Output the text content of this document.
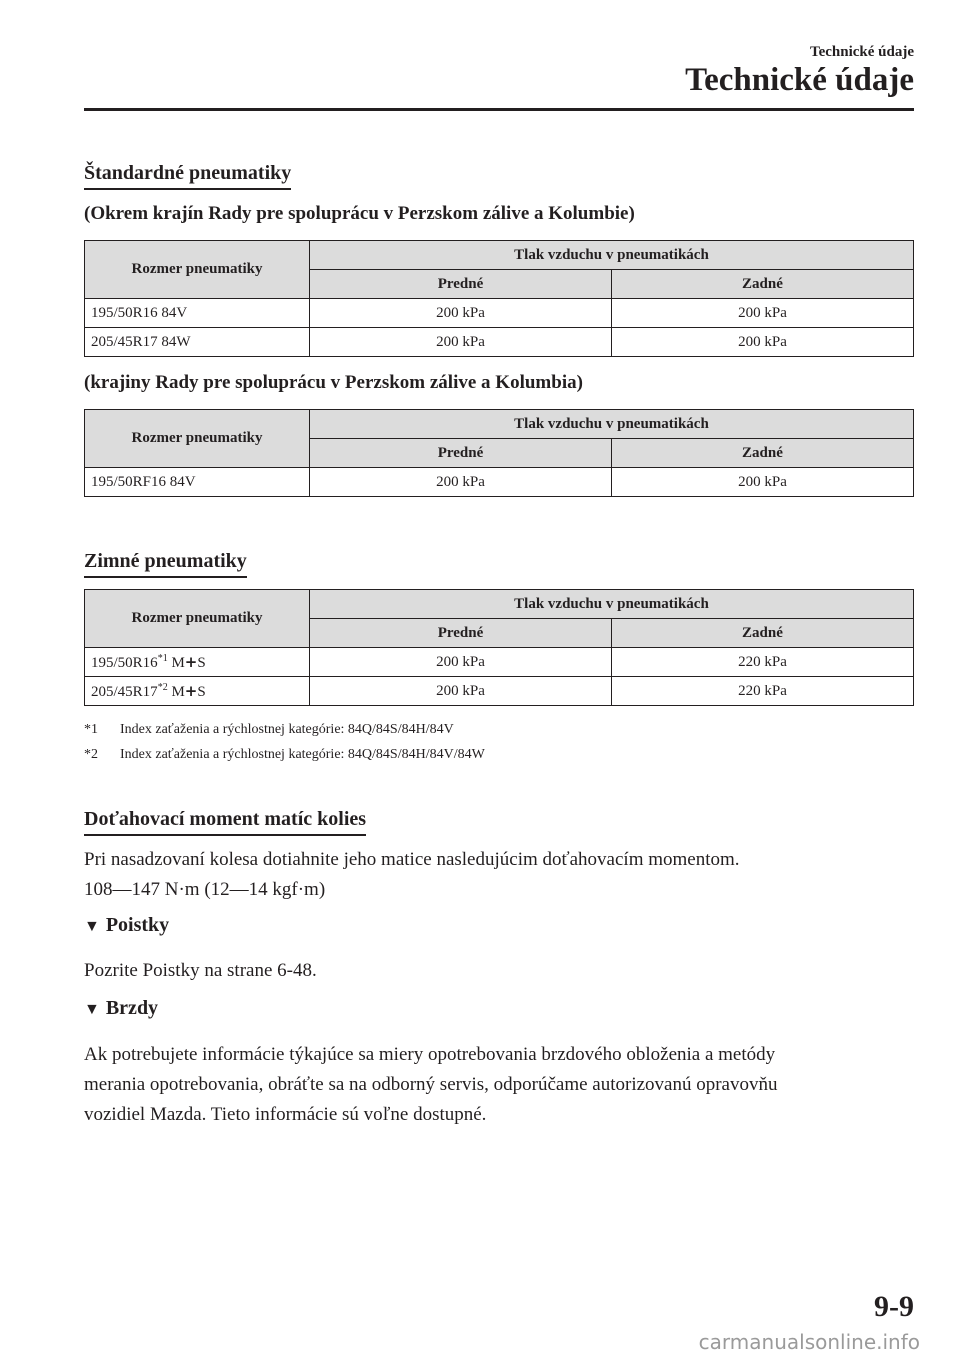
Technické údaje
Technické údaje
Štandardné pneumatiky
(Okrem krajín Rady pre spoluprácu v Perzskom zálive a Kolumbie)
Rozmer pneumatiky	Tlak vzduchu v pneumatikách	
	Predné	Zadné
195/50R16 84V	200 kPa	200 kPa
205/45R17 84W	200 kPa	200 kPa
(krajiny Rady pre spoluprácu v Perzskom zálive a Kolumbia)
Rozmer pneumatiky	Tlak vzduchu v pneumatikách	
	Predné	Zadné
195/50RF16 84V	200 kPa	200 kPa
Zimné pneumatiky
Rozmer pneumatiky	Tlak vzduchu v pneumatikách	
	Predné	Zadné
195/50R16$^{*1}$ M+S	200 kPa	220 kPa
205/45R17$^{*2}$ M+S	200 kPa	220 kPa
*1 Index zaťaženia a rýchlostnej kategórie: 84Q/84S/84H/84V
*2 Index zaťaženia a rýchlostnej kategórie: 84Q/84S/84H/84V/84W
Doťahovací moment matíc kolies
Pri nasadzovaní kolesa dotiahnite jeho matice nasledujúcim doťahovacím momentom.
108―147 N·m (12―14 kgf·m)
▼ Poistky
Pozrite Poistky na strane 6-48.
▼ Brzdy
Ak potrebujete informácie týkajúce sa miery opotrebovania brzdového obloženia a metódy
merania opotrebovania, obráťte sa na odborný servis, odporúčame autorizovanú opravovňu
vozidiel Mazda. Tieto informácie sú voľne dostupné.
9-9
carmanualsonline.info
